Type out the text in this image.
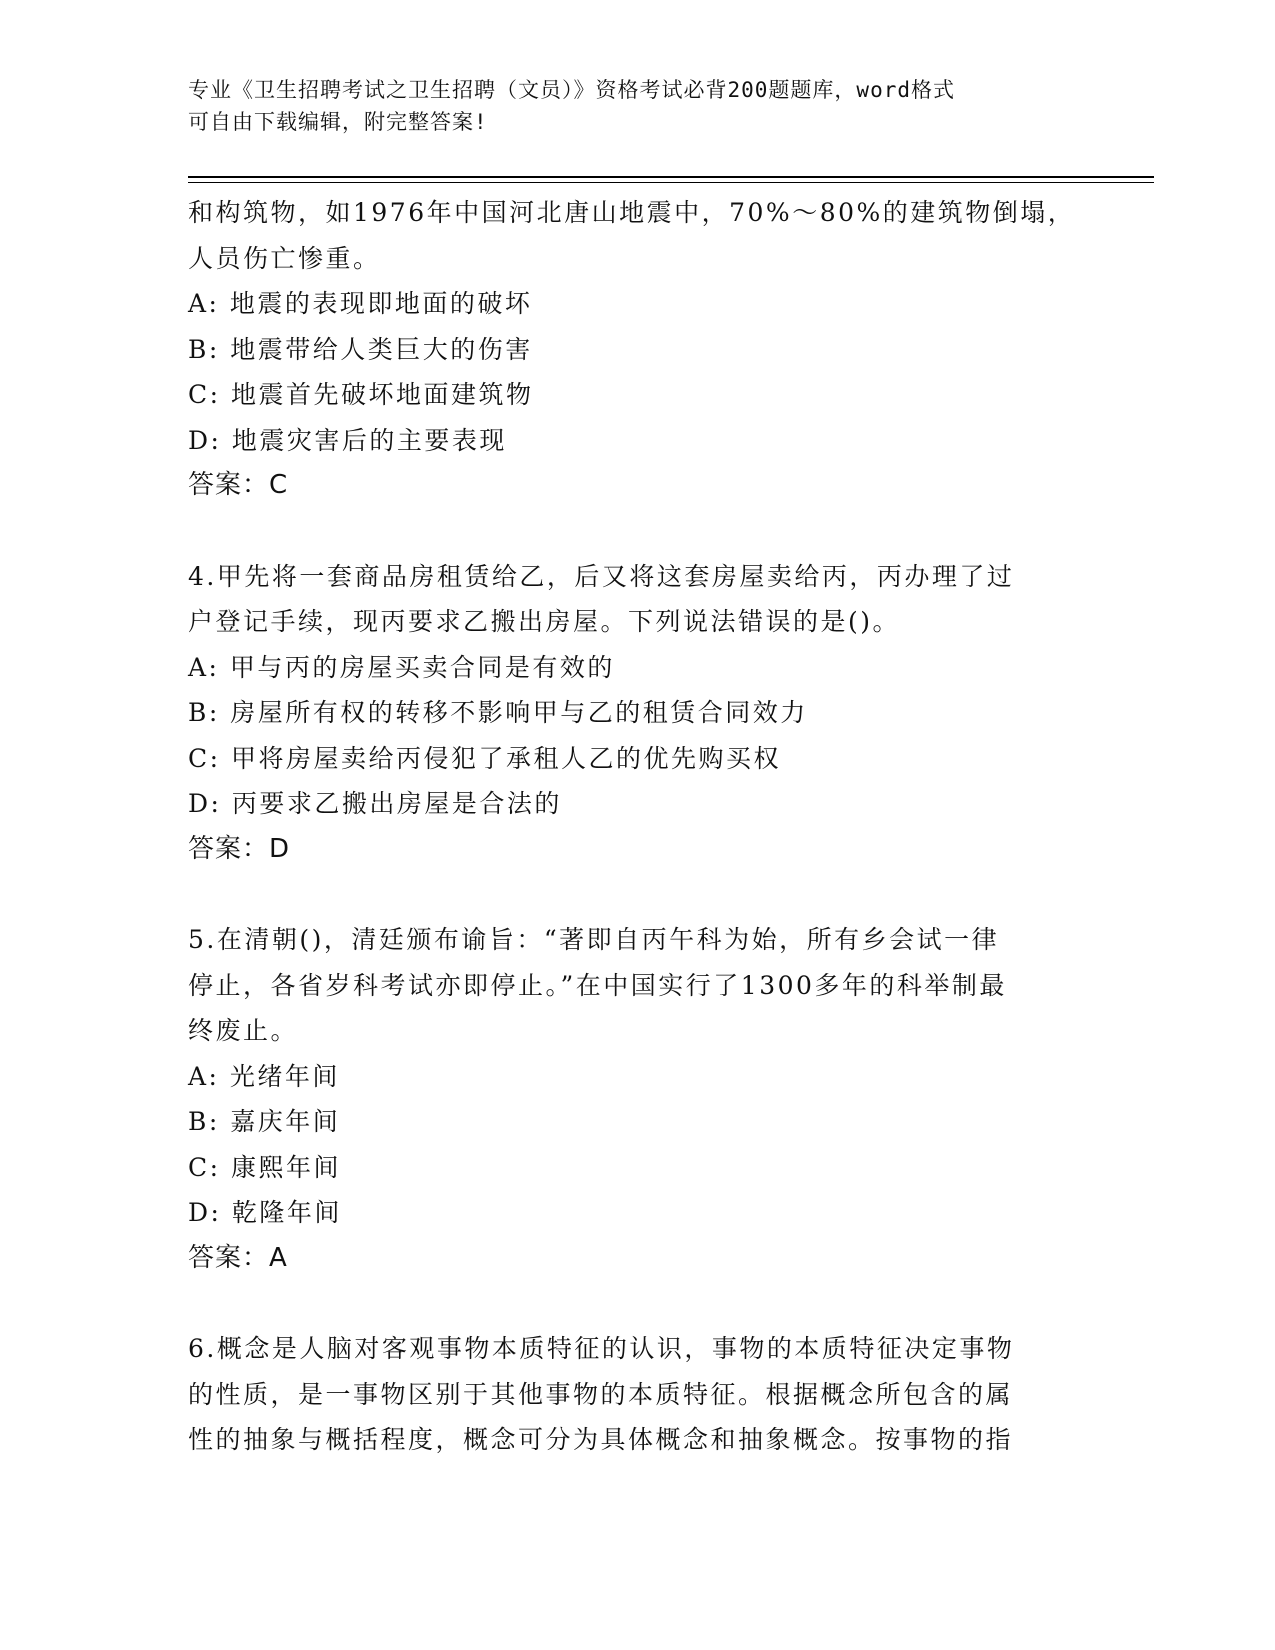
专业《卫生招聘考试之卫生招聘（文员）》资格考试必背200题题库，word格式
可自由下载编辑，附完整答案!
和构筑物，如1976年中国河北唐山地震中，70%～80%的建筑物倒塌，
人员伤亡惨重。
A: 地震的表现即地面的破坏
B: 地震带给人类巨大的伤害
C: 地震首先破坏地面建筑物
D: 地震灾害后的主要表现
答案：C
4.甲先将一套商品房租赁给乙，后又将这套房屋卖给丙，丙办理了过
户登记手续，现丙要求乙搬出房屋。下列说法错误的是()。
A: 甲与丙的房屋买卖合同是有效的
B: 房屋所有权的转移不影响甲与乙的租赁合同效力
C: 甲将房屋卖给丙侵犯了承租人乙的优先购买权
D: 丙要求乙搬出房屋是合法的
答案：D
5.在清朝()，清廷颁布谕旨：“著即自丙午科为始，所有乡会试一律
停止，各省岁科考试亦即停止。”在中国实行了1300多年的科举制最
终废止。
A: 光绪年间
B: 嘉庆年间
C: 康熙年间
D: 乾隆年间
答案：A
6.概念是人脑对客观事物本质特征的认识，事物的本质特征决定事物
的性质，是一事物区别于其他事物的本质特征。根据概念所包含的属
性的抽象与概括程度，概念可分为具体概念和抽象概念。按事物的指
